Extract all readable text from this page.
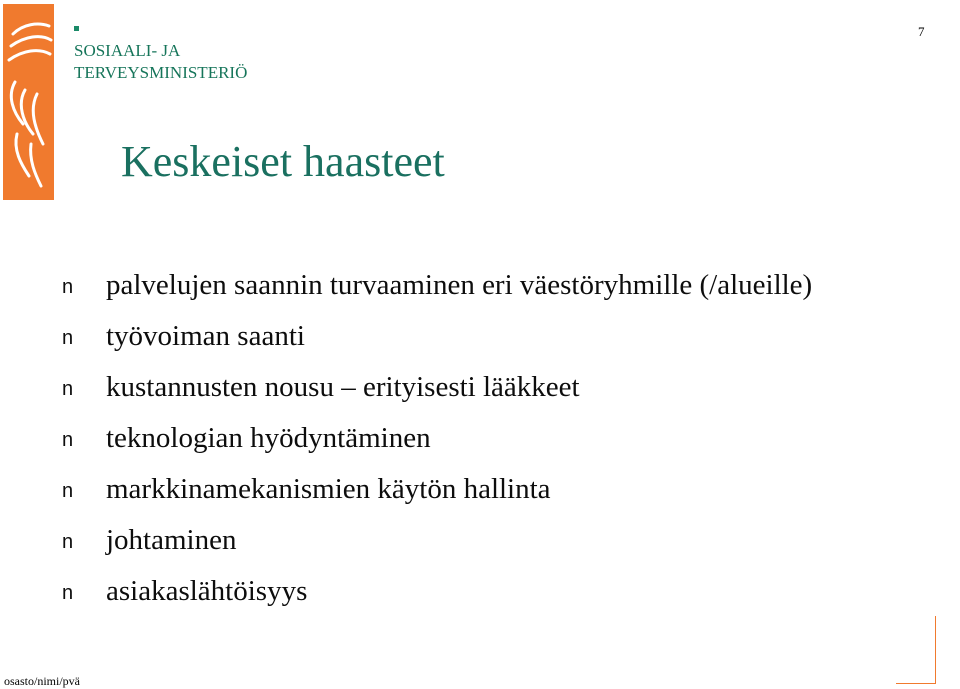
SOSIAALI- JA
TERVEYSMINISTERIÖ
7
Keskeiset haasteet
n	palvelujen saannin turvaaminen eri väestöryhmille (/alueille)
n	työvoiman saanti
n	kustannusten nousu – erityisesti lääkkeet
n	teknologian hyödyntäminen
n	markkinamekanismien käytön hallinta
n	johtaminen
n	asiakaslähtöisyys
osasto/nimi/pvä
